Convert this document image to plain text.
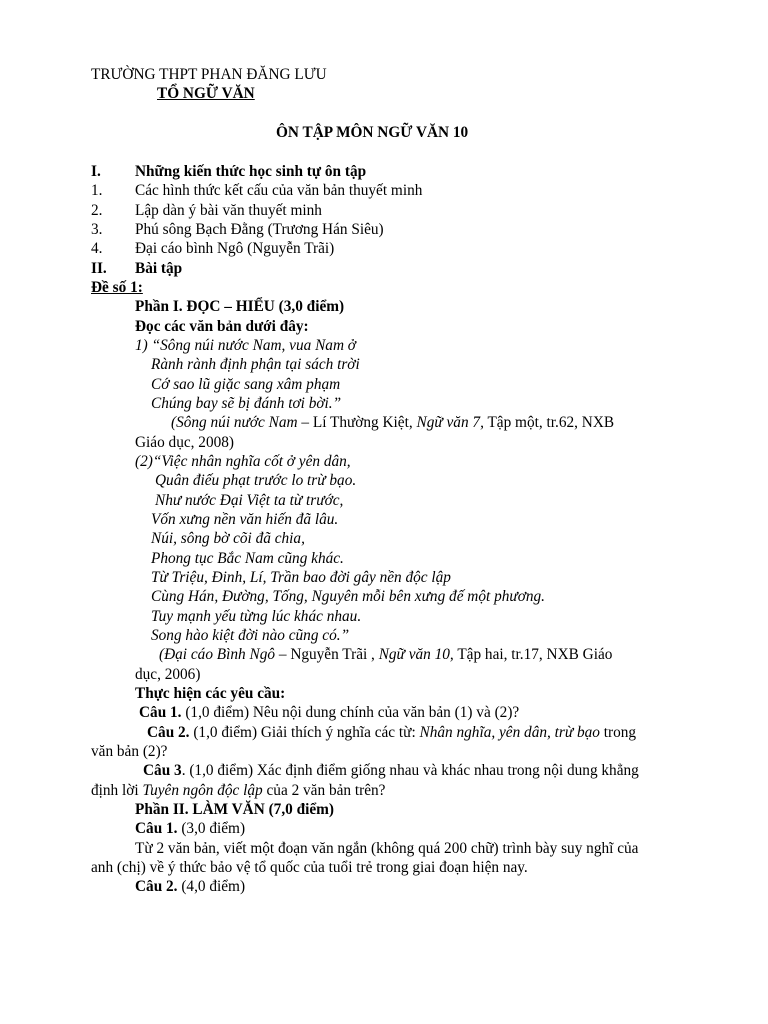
TRƯỜNG THPT PHAN ĐĂNG LƯU
TỔ NGỮ VĂN
ÔN TẬP MÔN NGỮ VĂN 10
I. Những kiến thức học sinh tự ôn tập
1. Các hình thức kết cấu của văn bản thuyết minh
2. Lập dàn ý bài văn thuyết minh
3. Phú sông Bạch Đằng (Trương Hán Siêu)
4. Đại cáo bình Ngô (Nguyễn Trãi)
II. Bài tập
Đề số 1:
Phần I. ĐỌC – HIỂU (3,0 điểm)
Đọc các văn bản dưới đây:
1) “Sông núi nước Nam, vua Nam ở
Rành rành định phận tại sách trời
Cớ sao lũ giặc sang xâm phạm
Chúng bay sẽ bị đánh tơi bời.”
(Sông núi nước Nam – Lí Thường Kiệt, Ngữ văn 7, Tập một, tr.62, NXB
Giáo dục, 2008)
(2)“Việc nhân nghĩa cốt ở yên dân,
Quân điếu phạt trước lo trừ bạo.
Như nước Đại Việt ta từ trước,
Vốn xưng nền văn hiến đã lâu.
Núi, sông bờ cõi đã chia,
Phong tục Bắc Nam cũng khác.
Từ Triệu, Đinh, Lí, Trần bao đời gây nền độc lập
Cùng Hán, Đường, Tống, Nguyên mỗi bên xưng đế một phương.
Tuy mạnh yếu từng lúc khác nhau.
Song hào kiệt đời nào cũng có.”
(Đại cáo Bình Ngô – Nguyễn Trãi , Ngữ văn 10, Tập hai, tr.17, NXB Giáo
dục, 2006)
Thực hiện các yêu cầu:
Câu 1. (1,0 điểm) Nêu nội dung chính của văn bản (1) và (2)?
Câu 2. (1,0 điểm) Giải thích ý nghĩa các từ: Nhân nghĩa, yên dân, trừ bạo trong
văn bản (2)?
Câu 3. (1,0 điểm) Xác định điểm giống nhau và khác nhau trong nội dung khẳng
định lời Tuyên ngôn độc lập của 2 văn bản trên?
Phần II. LÀM VĂN (7,0 điểm)
Câu 1. (3,0 điểm)
Từ 2 văn bản, viết một đoạn văn ngắn (không quá 200 chữ) trình bày suy nghĩ của
anh (chị) về ý thức bảo vệ tổ quốc của tuổi trẻ trong giai đoạn hiện nay.
Câu 2. (4,0 điểm)
